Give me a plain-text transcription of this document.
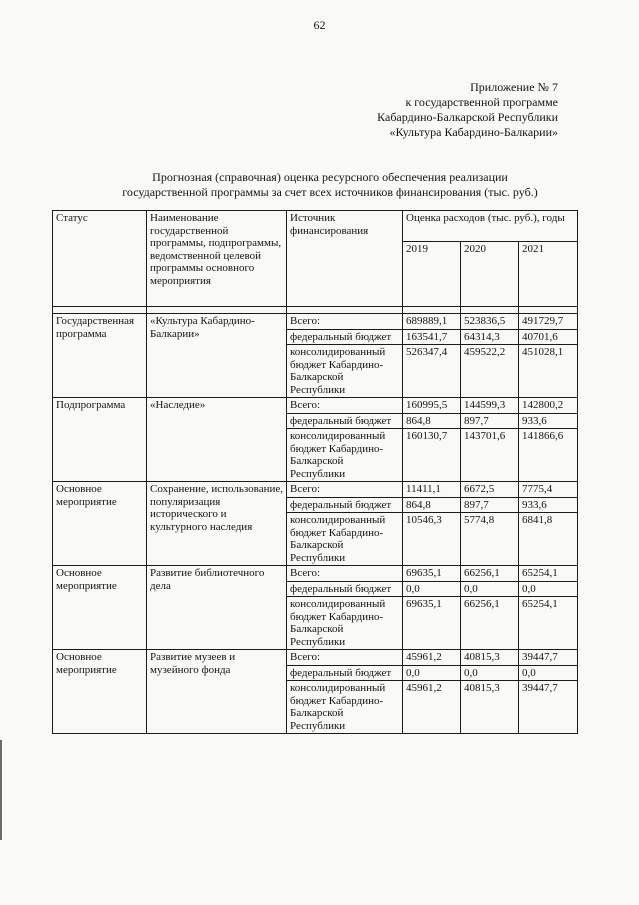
62
Приложение № 7
к государственной программе
Кабардино-Балкарской Республики
«Культура Кабардино-Балкарии»
Прогнозная (справочная) оценка ресурсного обеспечения реализации
государственной программы за счет всех источников финансирования (тыс. руб.)
Статус	Наименование государственной программы, подпрограммы, ведомственной целевой программы основного мероприятия	Источник финансирования	Оценка расходов (тыс. руб.), годы		
			2019	2020	2021

Государственная программа	«Культура Кабардино-Балкарии»	Всего:	689889,1	523836,5	491729,7
		федеральный бюджет	163541,7	64314,3	40701,6
		консолидированный бюджет Кабардино-Балкарской Республики	526347,4	459522,2	451028,1
Подпрограмма	«Наследие»	Всего:	160995,5	144599,3	142800,2
		федеральный бюджет	864,8	897,7	933,6
		консолидированный бюджет Кабардино-Балкарской Республики	160130,7	143701,6	141866,6
Основное мероприятие	Сохранение, использование, популяризация исторического и культурного наследия	Всего:	11411,1	6672,5	7775,4
		федеральный бюджет	864,8	897,7	933,6
		консолидированный бюджет Кабардино-Балкарской Республики	10546,3	5774,8	6841,8
Основное мероприятие	Развитие библиотечного дела	Всего:	69635,1	66256,1	65254,1
		федеральный бюджет	0,0	0,0	0,0
		консолидированный бюджет Кабардино-Балкарской Республики	69635,1	66256,1	65254,1
Основное мероприятие	Развитие музеев и музейного фонда	Всего:	45961,2	40815,3	39447,7
		федеральный бюджет	0,0	0,0	0,0
		консолидированный бюджет Кабардино-Балкарской Республики	45961,2	40815,3	39447,7
